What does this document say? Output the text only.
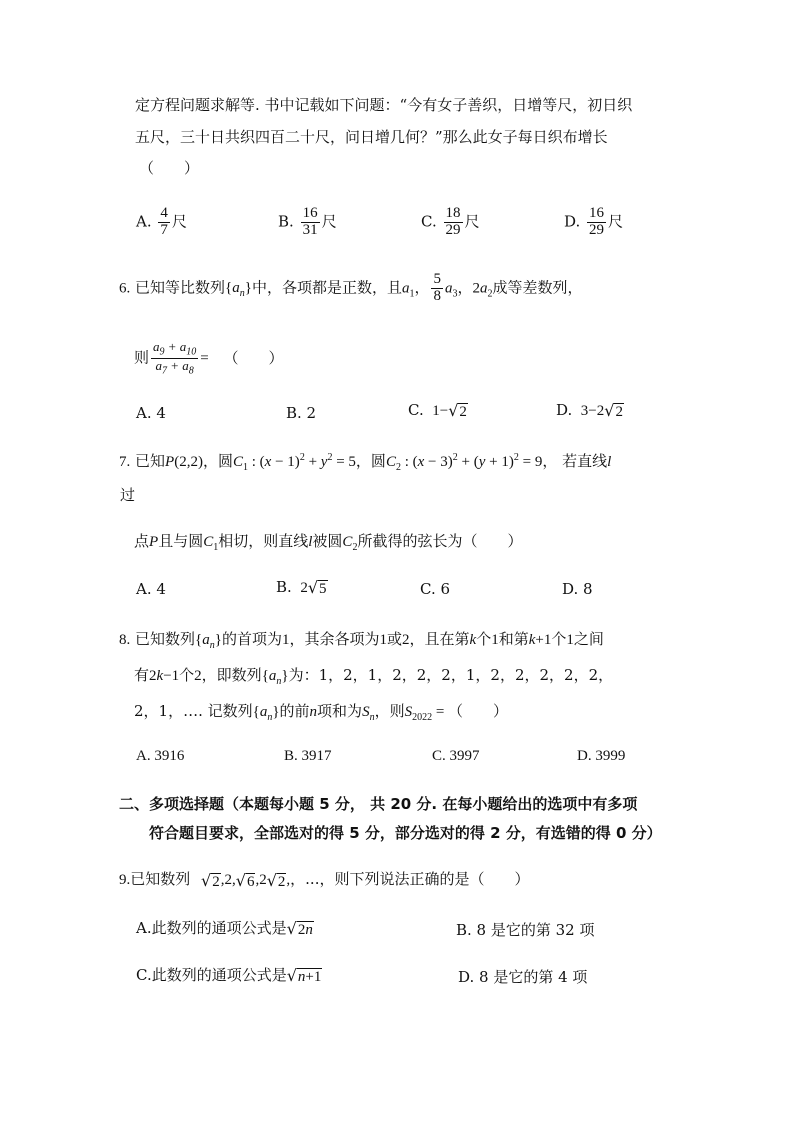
定方程问题求解等. 书中记载如下问题：“今有女子善织，日增等尺，初日织
五尺，三十日共织四百二十尺，问日增几何？”那么此女子每日织布增长
（　　）
A. $\frac{4}{7}$ 尺	B. $\frac{16}{31}$ 尺	C. $\frac{18}{29}$ 尺	D. $\frac{16}{29}$ 尺
6. 已知等比数列$\{a_n\}$中，各项都是正数，且$a_1$， $\frac{5}{8} a_3$，$2a_2$成等差数列，
则 $\frac{a_9 + a_{10}}{a_7 + a_8}$ = （　　）
A. 4	B. 2	C.  1− √ 2	D.  3−2 √ 2
7. 已知P(2,2)，圆$C_1$ : $(x - 1)^2 + y^2 = 5$，圆$C_2$ : $(x - 3)^2 + (y + 1)^2 = 9$， 若直线l
过
点P且与圆$C_1$相切，则直线l被圆$C_2$所截得的弦长为（　　）
A. 4	B.  2 √ 5	C. 6	D. 8
8. 已知数列$\{a_n\}$的首项为1，其余各项为1或2，且在第k个1和第k+1个1之间
有2k−1个2，即数列$\{a_n\}$为：1，2，1，2，2，2，1，2，2，2，2，2，
2，1，…. 记数列$\{a_n\}$的前n项和为$S_n$，则$S_{2022}$ = （　　）
A. 3916	B. 3917	C. 3997	D. 3999
二、多项选择题（本题每小题 5 分， 共 20 分. 在每小题给出的选项中有多项
符合题目要求，全部选对的得 5 分，部分选对的得 2 分，有选错的得 0 分）
9.已知数列 √ 2 ,2, √ 6 ,2 √ 2 ,，...，则下列说法正确的是（　　）
A.此数列的通项公式是 √ 2n	B. 8 是它的第 32 项
C.此数列的通项公式是 √ n+1	D. 8 是它的第 4 项
